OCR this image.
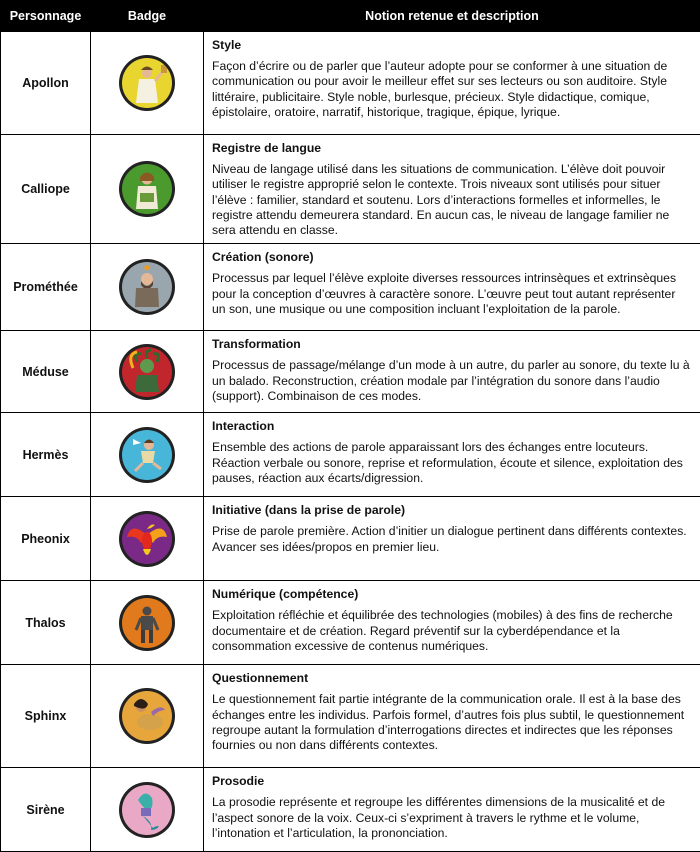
Personnage	Badge	Notion retenue et description
Apollon		Style

Façon d’écrire ou de parler que l’auteur adopte pour se conformer à une situation de communication ou pour avoir le meilleur effet sur ses lecteurs ou son auditoire. Style littéraire, publicitaire. Style noble, burlesque, précieux. Style didactique, comique, épistolaire, oratoire, narratif, historique, tragique, épique, lyrique.

Calliope		Registre de langue

Niveau de langage utilisé dans les situations de communication. L’élève doit pouvoir utiliser le registre approprié selon le contexte. Trois niveaux sont utilisés pour situer l’élève : familier, standard et soutenu. Lors d’interactions formelles et informelles, le registre attendu demeurera standard. En aucun cas, le niveau de langage familier ne sera attendu en classe.

Prométhée		Création (sonore)

Processus par lequel l’élève exploite diverses ressources intrinsèques et extrinsèques pour la conception d’œuvres à caractère sonore. L’œuvre peut tout autant représenter un son, une musique ou une composition incluant l’exploitation de la parole.

Méduse		Transformation

Processus de passage/mélange d’un mode à un autre, du parler au sonore, du texte lu à un balado. Reconstruction, création modale par l’intégration du sonore dans l’audio (support). Combinaison de ces modes.

Hermès		Interaction

Ensemble des actions de parole apparaissant lors des échanges entre locuteurs. Réaction verbale ou sonore, reprise et reformulation, écoute et silence, exploitation des pauses, réaction aux écarts/digression.

Pheonix		Initiative (dans la prise de parole)

Prise de parole première. Action d’initier un dialogue pertinent dans différents contextes. Avancer ses idées/propos en premier lieu.

Thalos		Numérique (compétence)

Exploitation réfléchie et équilibrée des technologies (mobiles) à des fins de recherche documentaire et de création. Regard préventif sur la cyberdépendance et la consommation excessive de contenus numériques.

Sphinx		Questionnement

Le questionnement fait partie intégrante de la communication orale. Il est à la base des échanges entre les individus. Parfois formel, d’autres fois plus subtil, le questionnement regroupe autant la formulation d’interrogations directes et indirectes que les réponses fournies ou non dans différents contextes.

Sirène		Prosodie

La prosodie représente et regroupe les différentes dimensions de la musicalité et de l’aspect sonore de la voix. Ceux-ci s’expriment à travers le rythme et le volume, l’intonation et l’articulation, la prononciation.
